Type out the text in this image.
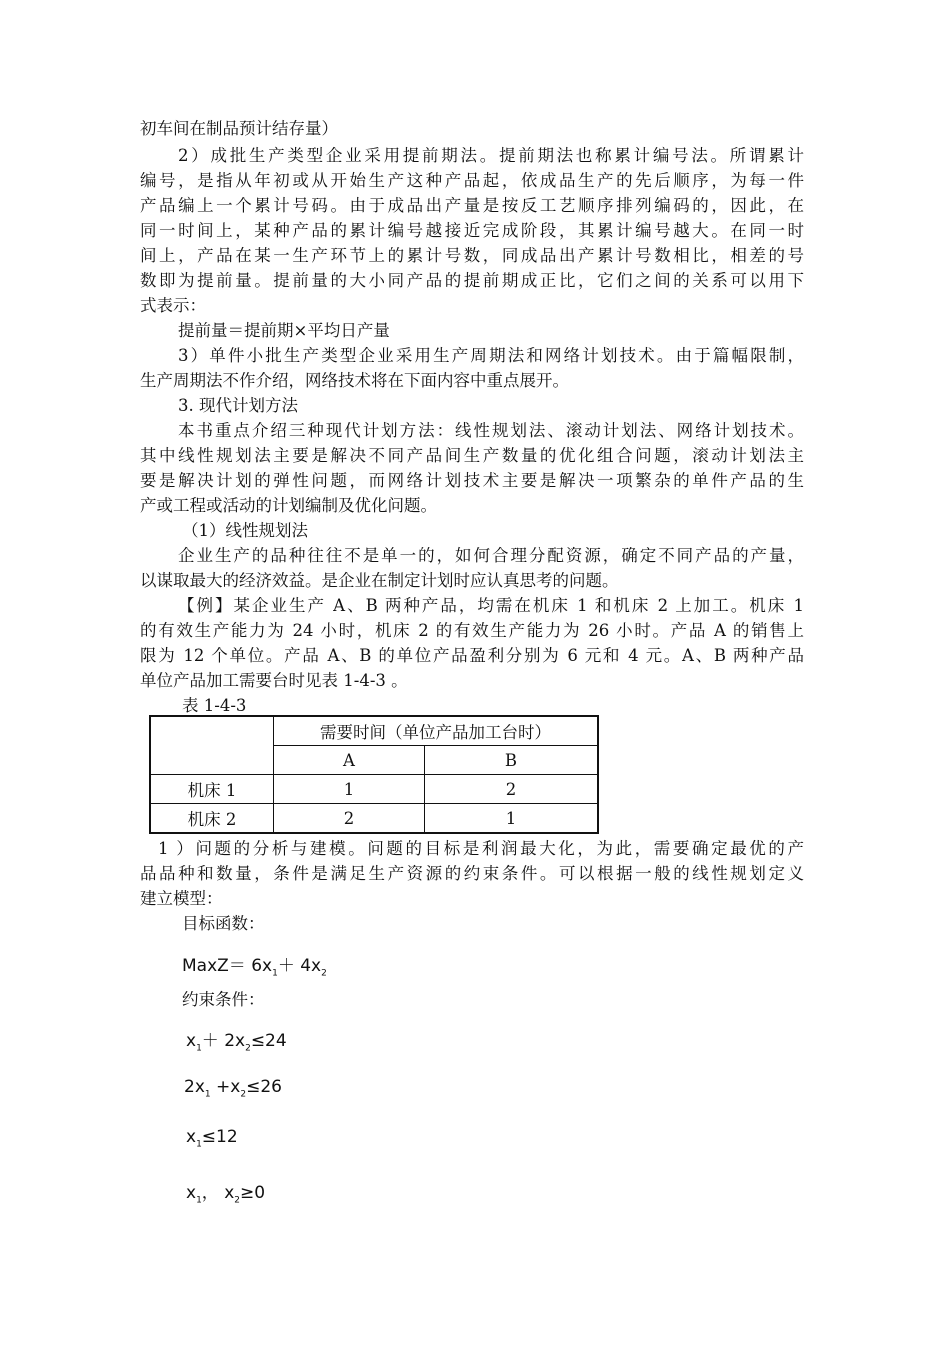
初车间在制品预计结存量）
2）成批生产类型企业采用提前期法。提前期法也称累计编号法。所谓累计
编号，是指从年初或从开始生产这种产品起，依成品生产的先后顺序，为每一件
产品编上一个累计号码。由于成品出产量是按反工艺顺序排列编码的，因此，在
同一时间上，某种产品的累计编号越接近完成阶段，其累计编号越大。在同一时
间上，产品在某一生产环节上的累计号数，同成品出产累计号数相比，相差的号
数即为提前量。提前量的大小同产品的提前期成正比，它们之间的关系可以用下
式表示：
提前量＝提前期×平均日产量
3）单件小批生产类型企业采用生产周期法和网络计划技术。由于篇幅限制，
生产周期法不作介绍，网络技术将在下面内容中重点展开。
3. 现代计划方法
本书重点介绍三种现代计划方法：线性规划法、滚动计划法、网络计划技术。
其中线性规划法主要是解决不同产品间生产数量的优化组合问题，滚动计划法主
要是解决计划的弹性问题，而网络计划技术主要是解决一项繁杂的单件产品的生
产或工程或活动的计划编制及优化问题。
（1）线性规划法
企业生产的品种往往不是单一的，如何合理分配资源，确定不同产品的产量，
以谋取最大的经济效益。是企业在制定计划时应认真思考的问题。
【例】某企业生产 A、B 两种产品，均需在机床 1 和机床 2 上加工。机床 1
的有效生产能力为 24 小时，机床 2 的有效生产能力为 26 小时。产品 A 的销售上
限为 12 个单位。产品 A、B 的单位产品盈利分别为 6 元和 4 元。A、B 两种产品
单位产品加工需要台时见表 1-4-3 。
表 1-4-3
	需要时间（单位产品加工台时）	
	A	B
机床 1	1	2
机床 2	2	1
1 ）问题的分析与建模。问题的目标是利润最大化，为此，需要确定最优的产
品品种和数量，条件是满足生产资源的约束条件。可以根据一般的线性规划定义
建立模型：
目标函数：
MaxZ＝ $6x_1+ 4x_2$
约束条件：
$x_1+ 2x_2\le 24$
$2x_1 +x_2\le 26$
$x_1\le 12$
$x_1$， $x_2\ge 0$
